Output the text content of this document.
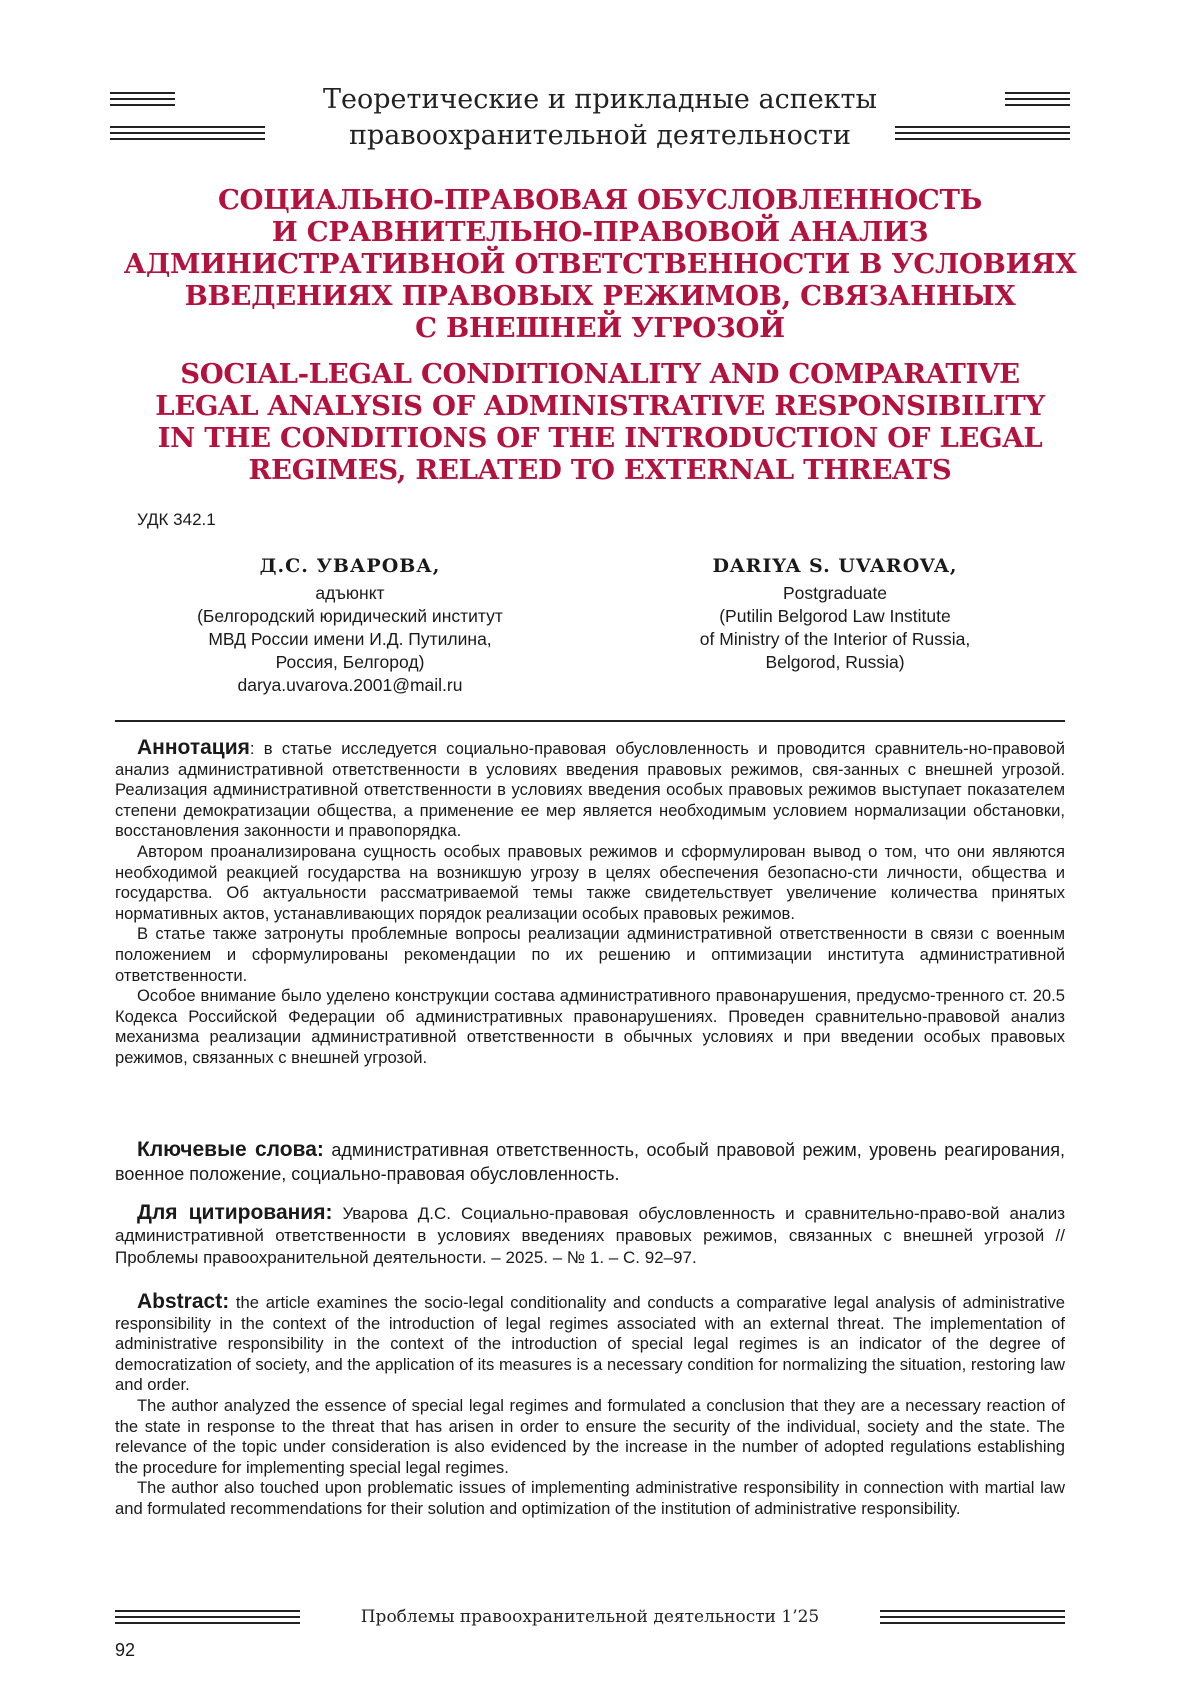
Теоретические и прикладные аспекты
правоохранительной деятельности
СОЦИАЛЬНО-ПРАВОВАЯ ОБУСЛОВЛЕННОСТЬ
И СРАВНИТЕЛЬНО-ПРАВОВОЙ АНАЛИЗ
АДМИНИСТРАТИВНОЙ ОТВЕТСТВЕННОСТИ В УСЛОВИЯХ
ВВЕДЕНИЯХ ПРАВОВЫХ РЕЖИМОВ, СВЯЗАННЫХ
С ВНЕШНЕЙ УГРОЗОЙ
SOCIAL-LEGAL CONDITIONALITY AND COMPARATIVE
LEGAL ANALYSIS OF ADMINISTRATIVE RESPONSIBILITY
IN THE CONDITIONS OF THE INTRODUCTION OF LEGAL
REGIMES, RELATED TO EXTERNAL THREATS
УДК 342.1
Д.С. УВАРОВА,
адъюнкт
(Белгородский юридический институт
МВД России имени И.Д. Путилина,
Россия, Белгород)
darya.uvarova.2001@mail.ru
DARIYA S. UVAROVA,
Postgraduate
(Putilin Belgorod Law Institute
of Ministry of the Interior of Russia,
Belgorod, Russia)

Аннотация: в статье исследуется социально-правовая обусловленность и проводится сравнитель-но-правовой анализ административной ответственности в условиях введения правовых режимов, свя-занных с внешней угрозой. Реализация административной ответственности в условиях введения особых правовых режимов выступает показателем степени демократизации общества, а применение ее мер является необходимым условием нормализации обстановки, восстановления законности и правопорядка.

Автором проанализирована сущность особых правовых режимов и сформулирован вывод о том, что они являются необходимой реакцией государства на возникшую угрозу в целях обеспечения безопасно-сти личности, общества и государства. Об актуальности рассматриваемой темы также свидетельствует увеличение количества принятых нормативных актов, устанавливающих порядок реализации особых правовых режимов.

В статье также затронуты проблемные вопросы реализации административной ответственности в связи с военным положением и сформулированы рекомендации по их решению и оптимизации института административной ответственности.

Особое внимание было уделено конструкции состава административного правонарушения, предусмо-тренного ст. 20.5 Кодекса Российской Федерации об административных правонарушениях. Проведен сравнительно-правовой анализ механизма реализации административной ответственности в обычных условиях и при введении особых правовых режимов, связанных с внешней угрозой.

Ключевые слова: административная ответственность, особый правовой режим, уровень реагирования, военное положение, социально-правовая обусловленность.

Для цитирования: Уварова Д.С. Социально-правовая обусловленность и сравнительно-право-вой анализ административной ответственности в условиях введениях правовых режимов, связанных с внешней угрозой // Проблемы правоохранительной деятельности. – 2025. – № 1. – С. 92–97.

Abstract: the article examines the socio-legal conditionality and conducts a comparative legal analysis of administrative responsibility in the context of the introduction of legal regimes associated with an external threat. The implementation of administrative responsibility in the context of the introduction of special legal regimes is an indicator of the degree of democratization of society, and the application of its measures is a necessary condition for normalizing the situation, restoring law and order.

The author analyzed the essence of special legal regimes and formulated a conclusion that they are a necessary reaction of the state in response to the threat that has arisen in order to ensure the security of the individual, society and the state. The relevance of the topic under consideration is also evidenced by the increase in the number of adopted regulations establishing the procedure for implementing special legal regimes.

The author also touched upon problematic issues of implementing administrative responsibility in connection with martial law and formulated recommendations for their solution and optimization of the institution of administrative responsibility.

Проблемы правоохранительной деятельности 1’25
92
